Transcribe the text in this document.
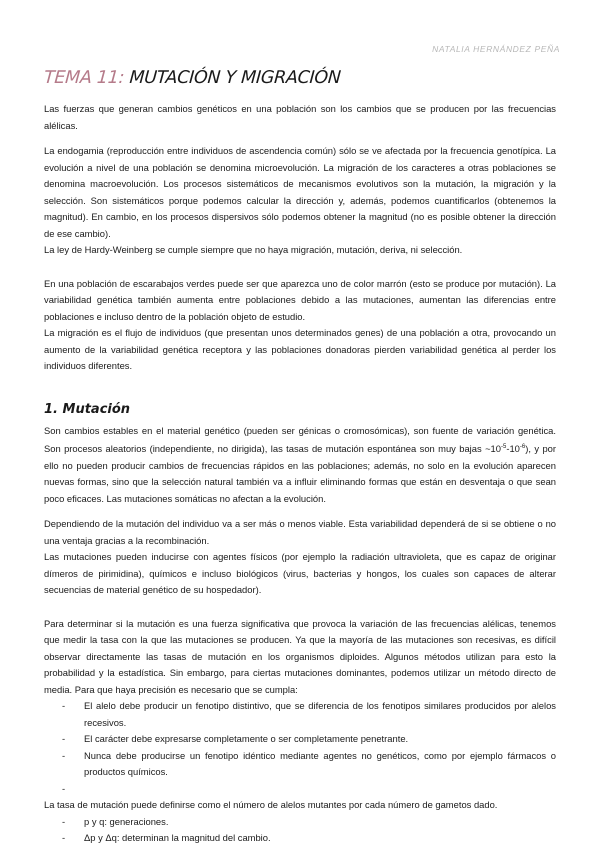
NATALIA HERNÁNDEZ PEÑA
TEMA 11: MUTACIÓN Y MIGRACIÓN

Las fuerzas que generan cambios genéticos en una población son los cambios que se producen por las frecuencias alélicas.

La endogamia (reproducción entre individuos de ascendencia común) sólo se ve afectada por la frecuencia genotípica. La evolución a nivel de una población se denomina microevolución. La migración de los caracteres a otras poblaciones se denomina macroevolución. Los procesos sistemáticos de mecanismos evolutivos son la mutación, la migración y la selección. Son sistemáticos porque podemos calcular la dirección y, además, podemos cuantificarlos (obtenemos la magnitud). En cambio, en los procesos dispersivos sólo podemos obtener la magnitud (no es posible obtener la dirección de ese cambio).

La ley de Hardy-Weinberg se cumple siempre que no haya migración, mutación, deriva, ni selección.

En una población de escarabajos verdes puede ser que aparezca uno de color marrón (esto se produce por mutación). La variabilidad genética también aumenta entre poblaciones debido a las mutaciones, aumentan las diferencias entre poblaciones e incluso dentro de la población objeto de estudio.

La migración es el flujo de individuos (que presentan unos determinados genes) de una población a otra, provocando un aumento de la variabilidad genética receptora y las poblaciones donadoras pierden variabilidad genética al perder los individuos diferentes.

1. Mutación

Son cambios estables en el material genético (pueden ser génicas o cromosómicas), son fuente de variación genética. Son procesos aleatorios (independiente, no dirigida), las tasas de mutación espontánea son muy bajas $\sim 10^{-5}-10^{-6}$), y por ello no pueden producir cambios de frecuencias rápidos en las poblaciones; además, no solo en la evolución aparecen nuevas formas, sino que la selección natural también va a influir eliminando formas que están en desventaja o que sean poco eficaces. Las mutaciones somáticas no afectan a la evolución.

Dependiendo de la mutación del individuo va a ser más o menos viable. Esta variabilidad dependerá de si se obtiene o no una ventaja gracias a la recombinación.

Las mutaciones pueden inducirse con agentes físicos (por ejemplo la radiación ultravioleta, que es capaz de originar dímeros de pirimidina), químicos e incluso biológicos (virus, bacterias y hongos, los cuales son capaces de alterar secuencias de material genético de su hospedador).

Para determinar si la mutación es una fuerza significativa que provoca la variación de las frecuencias alélicas, tenemos que medir la tasa con la que las mutaciones se producen. Ya que la mayoría de las mutaciones son recesivas, es difícil observar directamente las tasas de mutación en los organismos diploides. Algunos métodos utilizan para esto la probabilidad y la estadística. Sin embargo, para ciertas mutaciones dominantes, podemos utilizar un método directo de media. Para que haya precisión es necesario que se cumpla:

- El alelo debe producir un fenotipo distintivo, que se diferencia de los fenotipos similares producidos por alelos recesivos.
- El carácter debe expresarse completamente o ser completamente penetrante.
- Nunca debe producirse un fenotipo idéntico mediante agentes no genéticos, como por ejemplo fármacos o productos químicos.
-

La tasa de mutación puede definirse como el número de alelos mutantes por cada número de gametos dado.

- p y q: generaciones.
- Δp y Δq: determinan la magnitud del cambio.
